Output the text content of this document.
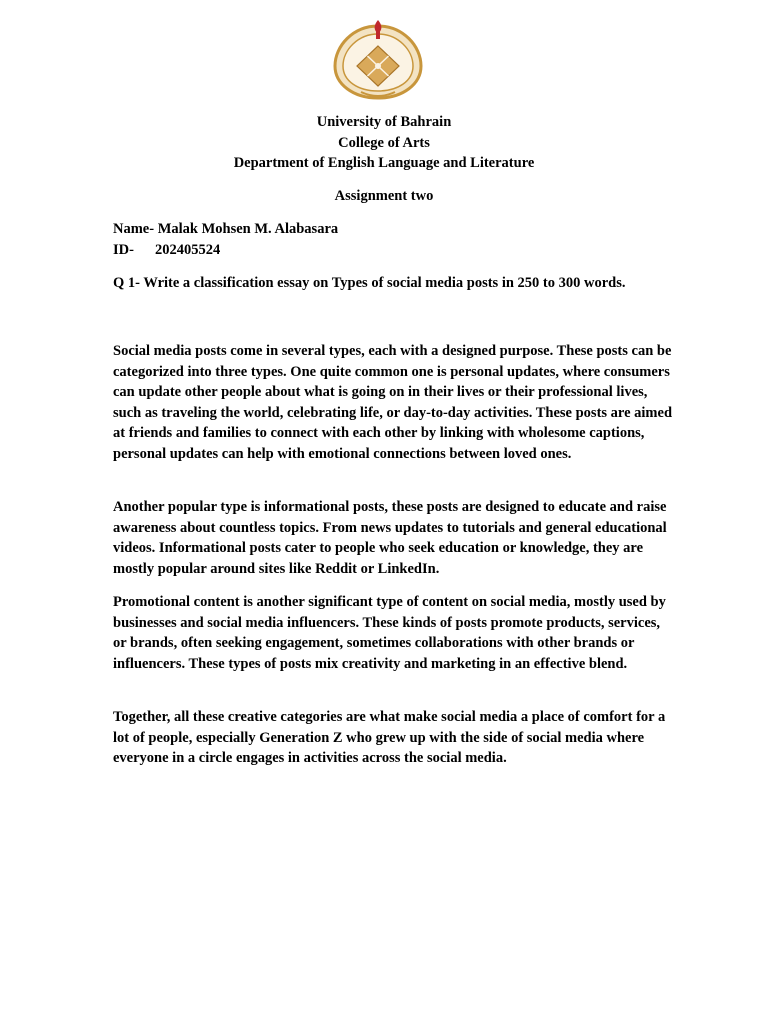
University of Bahrain
College of Arts
Department of English Language and Literature
Assignment two
Name- Malak Mohsen M. Alabasara
ID- 202405524
Q 1- Write a classification essay on Types of social media posts in 250 to 300 words.
Social media posts come in several types, each with a designed purpose. These posts can be categorized into three types. One quite common one is personal updates, where consumers can update other people about what is going on in their lives or their professional lives, such as traveling the world, celebrating life, or day-to-day activities. These posts are aimed at friends and families to connect with each other by linking with wholesome captions, personal updates can help with emotional connections between loved ones.
Another popular type is informational posts, these posts are designed to educate and raise awareness about countless topics. From news updates to tutorials and general educational videos. Informational posts cater to people who seek education or knowledge, they are mostly popular around sites like Reddit or LinkedIn.
Promotional content is another significant type of content on social media, mostly used by businesses and social media influencers. These kinds of posts promote products, services, or brands, often seeking engagement, sometimes collaborations with other brands or influencers. These types of posts mix creativity and marketing in an effective blend.
Together, all these creative categories are what make social media a place of comfort for a lot of people, especially Generation Z who grew up with the side of social media where everyone in a circle engages in activities across the social media.
